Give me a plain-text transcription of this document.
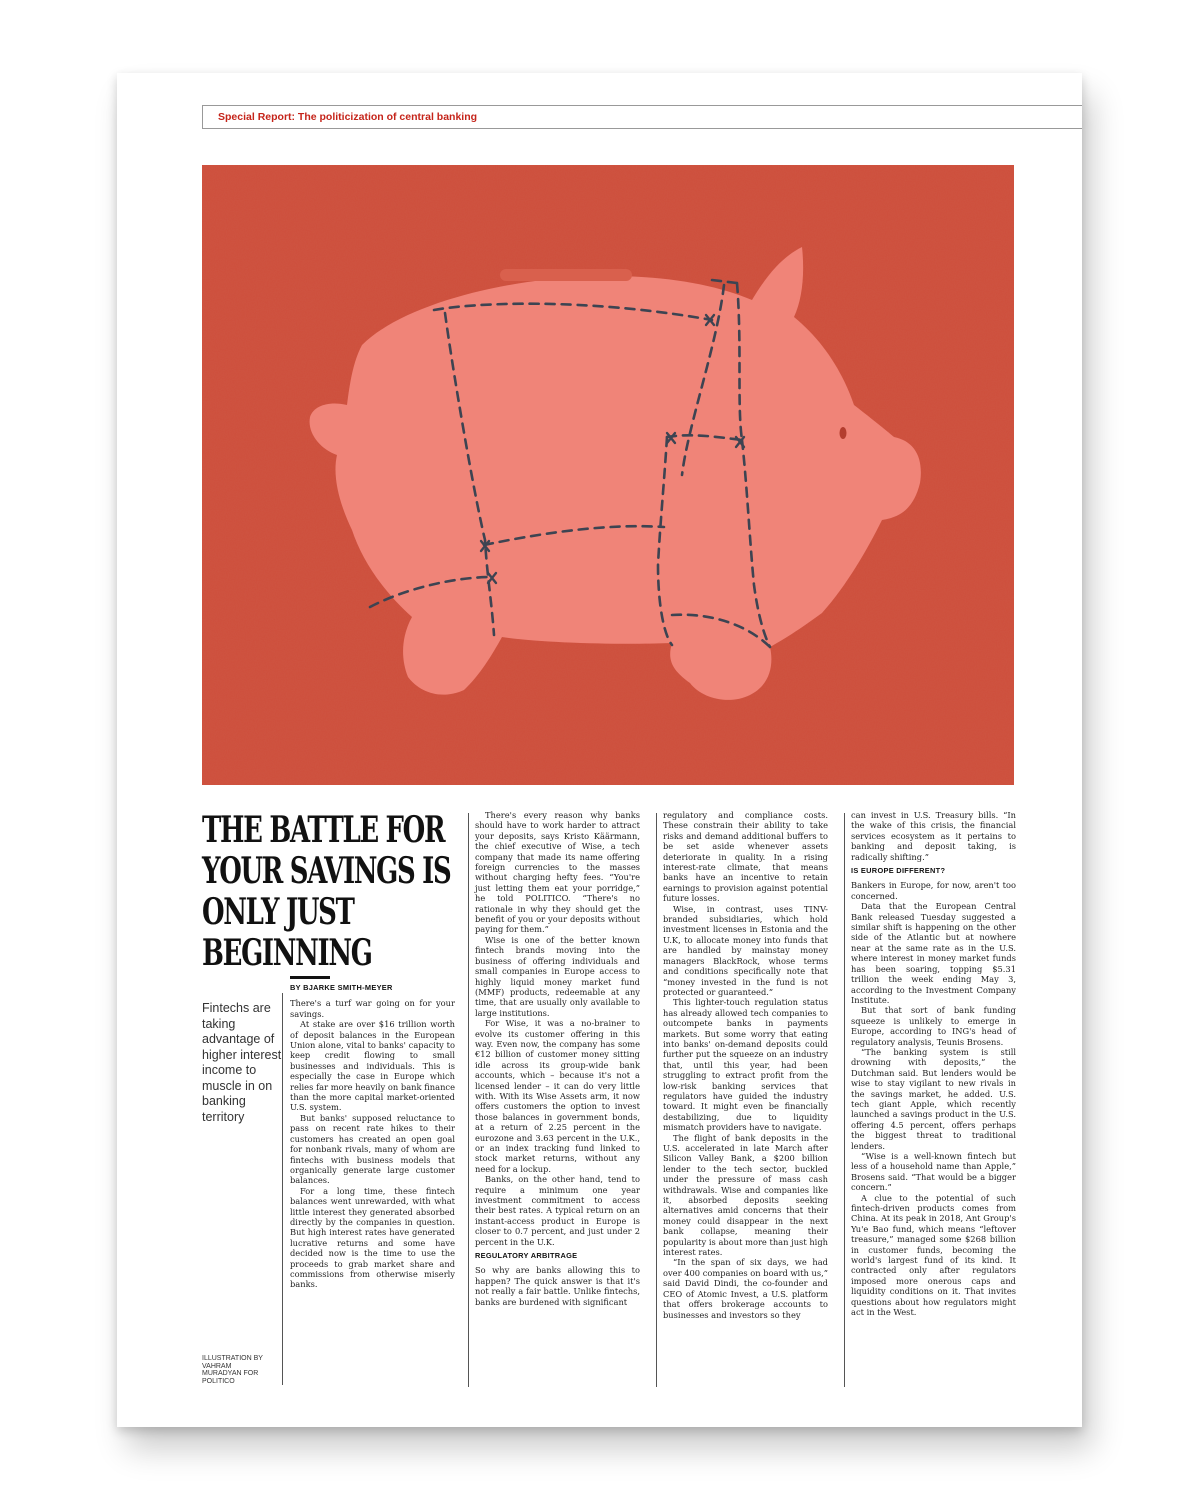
Special Report: The politicization of central banking
THE BATTLE FOR YOUR SAVINGS IS ONLY JUST BEGINNING
Fintechs are taking advantage of higher interest income to muscle in on banking territory
ILLUSTRATION BY VAHRAM MURADYAN FOR POLITICO
BY BJARKE SMITH-MEYER

There's a turf war going on for your savings.

At stake are over $16 trillion worth of deposit balances in the European Union alone, vital to banks' capacity to keep credit flowing to small businesses and individuals. This is especially the case in Europe which relies far more heavily on bank finance than the more capital market-oriented U.S. system.

But banks' supposed reluctance to pass on recent rate hikes to their customers has created an open goal for nonbank rivals, many of whom are fintechs with business models that organically generate large customer balances.

For a long time, these fintech balances went unrewarded, with what little interest they generated absorbed directly by the companies in question. But high interest rates have generated lucrative returns and some have decided now is the time to use the proceeds to grab market share and commissions from otherwise miserly banks.

There's every reason why banks should have to work harder to attract your deposits, says Kristo Käärmann, the chief executive of Wise, a tech company that made its name offering foreign currencies to the masses without charging hefty fees. “You're just letting them eat your porridge,” he told POLITICO. “There's no rationale in why they should get the benefit of you or your deposits without paying for them.”

Wise is one of the better known fintech brands moving into the business of offering individuals and small companies in Europe access to highly liquid money market fund (MMF) products, redeemable at any time, that are usually only available to large institutions.

For Wise, it was a no-brainer to evolve its customer offering in this way. Even now, the company has some €12 billion of customer money sitting idle across its group-wide bank accounts, which – because it's not a licensed lender – it can do very little with. With its Wise Assets arm, it now offers customers the option to invest those balances in government bonds, at a return of 2.25 percent in the eurozone and 3.63 percent in the U.K., or an index tracking fund linked to stock market returns, without any need for a lockup.

Banks, on the other hand, tend to require a minimum one year investment commitment to access their best rates. A typical return on an instant-access product in Europe is closer to 0.7 percent, and just under 2 percent in the U.K.

REGULATORY ARBITRAGE

So why are banks allowing this to happen? The quick answer is that it's not really a fair battle. Unlike fintechs, banks are burdened with significant

regulatory and compliance costs. These constrain their ability to take risks and demand additional buffers to be set aside whenever assets deteriorate in quality. In a rising interest-rate climate, that means banks have an incentive to retain earnings to provision against potential future losses.

Wise, in contrast, uses TINV-branded subsidiaries, which hold investment licenses in Estonia and the U.K, to allocate money into funds that are handled by mainstay money managers BlackRock, whose terms and conditions specifically note that “money invested in the fund is not protected or guaranteed.”

This lighter-touch regulation status has already allowed tech companies to outcompete banks in payments markets. But some worry that eating into banks' on-demand deposits could further put the squeeze on an industry that, until this year, had been struggling to extract profit from the low-risk banking services that regulators have guided the industry toward. It might even be financially destabilizing, due to liquidity mismatch providers have to navigate.

The flight of bank deposits in the U.S. accelerated in late March after Silicon Valley Bank, a $200 billion lender to the tech sector, buckled under the pressure of mass cash withdrawals. Wise and companies like it, absorbed deposits seeking alternatives amid concerns that their money could disappear in the next bank collapse, meaning their popularity is about more than just high interest rates.

“In the span of six days, we had over 400 companies on board with us,” said David Dindi, the co-founder and CEO of Atomic Invest, a U.S. platform that offers brokerage accounts to businesses and investors so they

can invest in U.S. Treasury bills. “In the wake of this crisis, the financial services ecosystem as it pertains to banking and deposit taking, is radically shifting.”

IS EUROPE DIFFERENT?

Bankers in Europe, for now, aren't too concerned.

Data that the European Central Bank released Tuesday suggested a similar shift is happening on the other side of the Atlantic but at nowhere near at the same rate as in the U.S. where interest in money market funds has been soaring, topping $5.31 trillion the week ending May 3, according to the Investment Company Institute.

But that sort of bank funding squeeze is unlikely to emerge in Europe, according to ING's head of regulatory analysis, Teunis Brosens.

“The banking system is still drowning with deposits,” the Dutchman said. But lenders would be wise to stay vigilant to new rivals in the savings market, he added. U.S. tech giant Apple, which recently launched a savings product in the U.S. offering 4.5 percent, offers perhaps the biggest threat to traditional lenders.

“Wise is a well-known fintech but less of a household name than Apple,” Brosens said. “That would be a bigger concern.”

A clue to the potential of such fintech-driven products comes from China. At its peak in 2018, Ant Group's Yu'e Bao fund, which means “leftover treasure,” managed some $268 billion in customer funds, becoming the world's largest fund of its kind. It contracted only after regulators imposed more onerous caps and liquidity conditions on it. That invites questions about how regulators might act in the West.
